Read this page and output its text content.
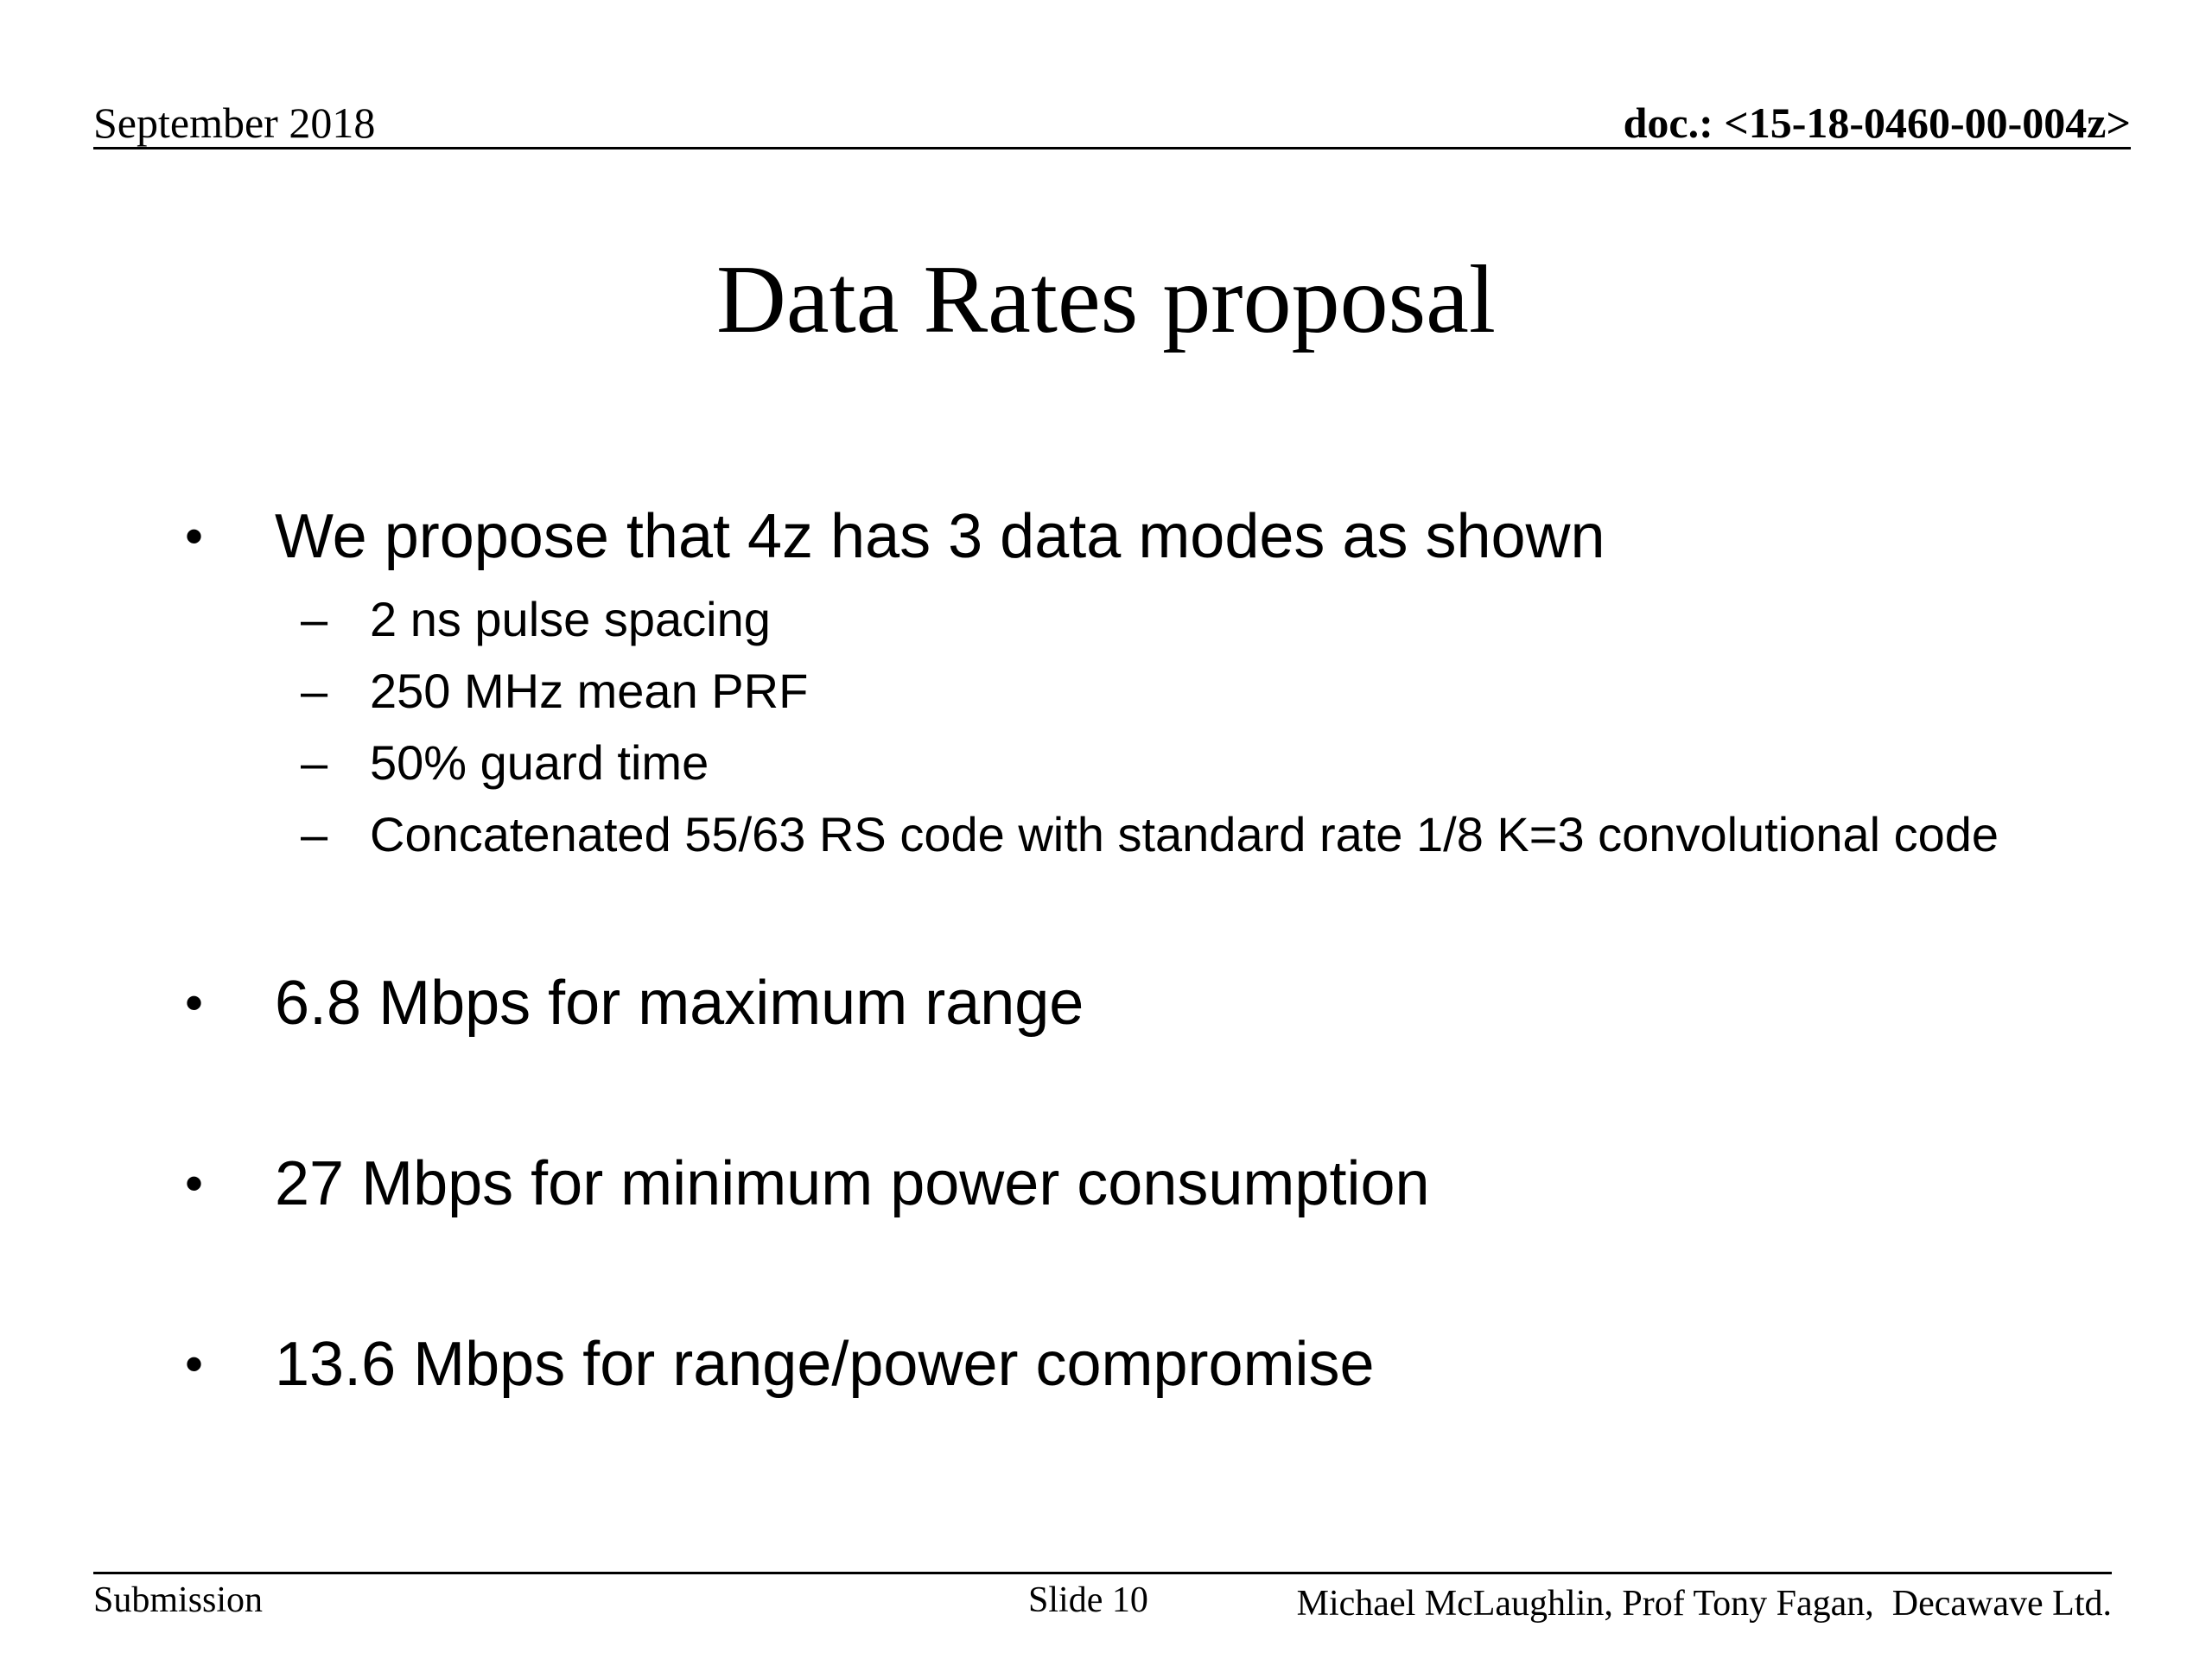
September 2018	doc.: <15-18-0460-00-004z>
Data Rates proposal
• We propose that 4z has 3 data modes as shown
– 2 ns pulse spacing
– 250 MHz mean PRF
– 50% guard time
– Concatenated 55/63 RS code with standard rate 1/8 K=3 convolutional code
• 6.8 Mbps for maximum range
• 27 Mbps for minimum power consumption
• 13.6 Mbps for range/power compromise
Submission	Slide 10	Michael McLaughlin, Prof Tony Fagan,  Decawave Ltd.
